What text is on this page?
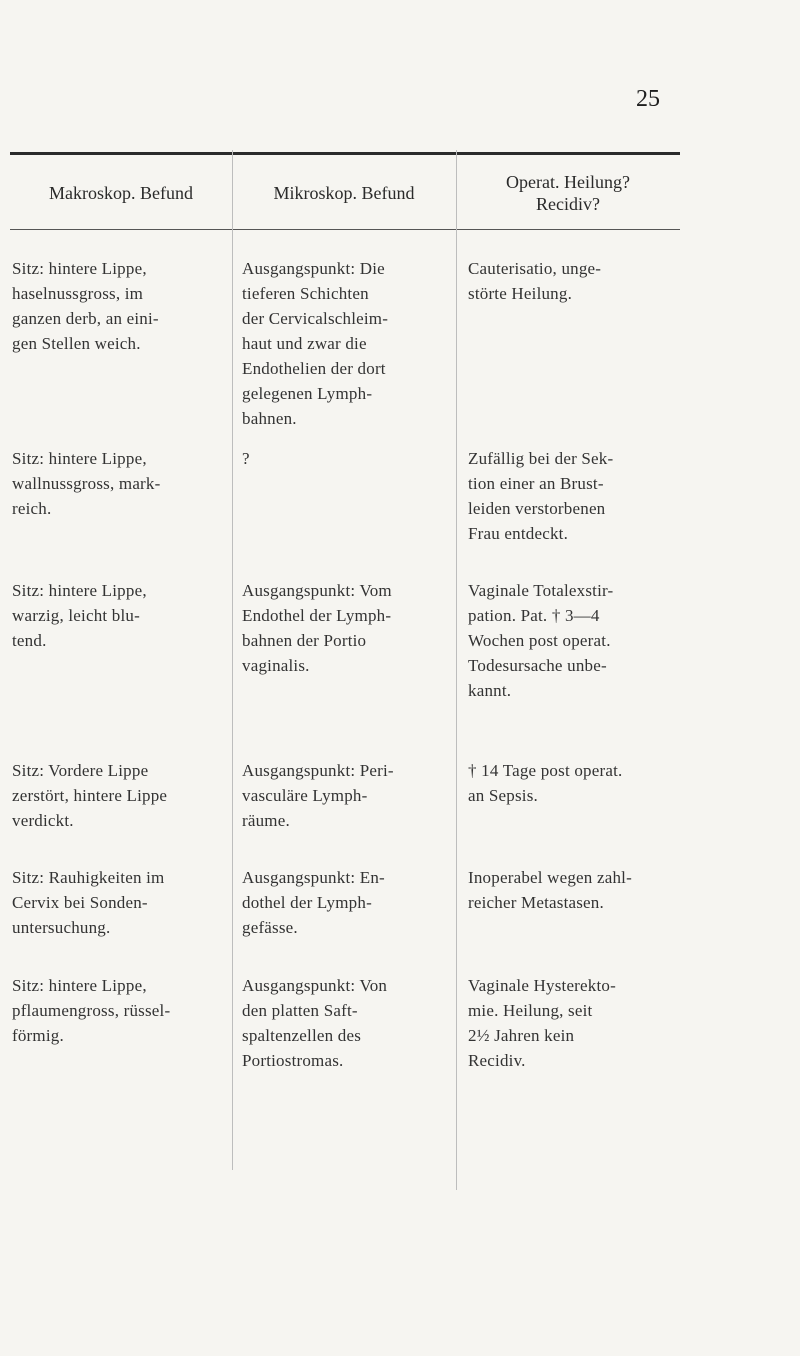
25
Makroskop. Befund	Mikroskop. Befund
Operat. Heilung?
Recidiv?
Sitz: hintere Lippe,
haselnussgross, im
ganzen derb, an eini-
gen Stellen weich.
Ausgangspunkt: Die
tieferen Schichten
der Cervicalschleim-
haut und zwar die
Endothelien der dort
gelegenen Lymph-
bahnen.
Cauterisatio, unge-
störte Heilung.
Sitz: hintere Lippe,
wallnussgross, mark-
reich.
?	Zufällig bei der Sek-
tion einer an Brust-
leiden verstorbenen
Frau entdeckt.
Sitz: hintere Lippe,
warzig, leicht blu-
tend.
Ausgangspunkt: Vom
Endothel der Lymph-
bahnen der Portio
vaginalis.
Vaginale Totalexstir-
pation. Pat. † 3—4
Wochen post operat.
Todesursache unbe-
kannt.
Sitz: Vordere Lippe
zerstört, hintere Lippe
verdickt.
Ausgangspunkt: Peri-
vasculäre Lymph-
räume.
† 14 Tage post operat.
an Sepsis.
Sitz: Rauhigkeiten im
Cervix bei Sonden-
untersuchung.
Ausgangspunkt: En-
dothel der Lymph-
gefässe.
Inoperabel wegen zahl-
reicher Metastasen.
Sitz: hintere Lippe,
pflaumengross, rüssel-
förmig.
Ausgangspunkt: Von
den platten Saft-
spaltenzellen des
Portiostromas.
Vaginale Hysterekto-
mie. Heilung, seit
2½ Jahren kein
Recidiv.
